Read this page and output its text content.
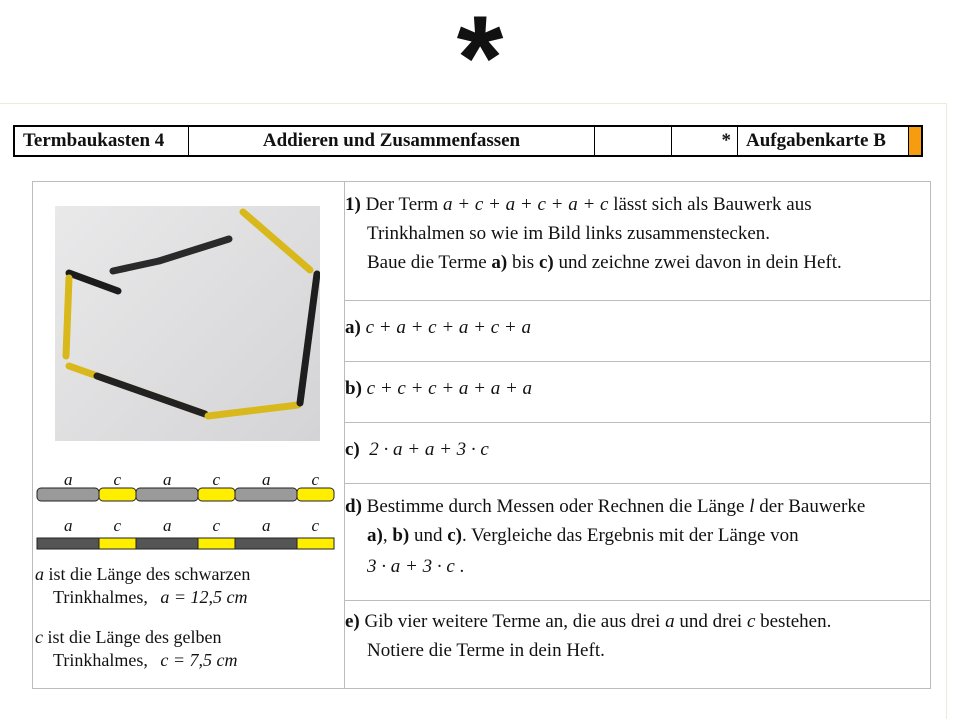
*
Termbaukasten 4	Addieren und Zusammenfassen	* Aufgabenkarte B
a c a c a c
a c a c a c
a ist die Länge des schwarzen
Trinkhalmes, a = 12,5 cm
c ist die Länge des gelben
Trinkhalmes, c = 7,5 cm
1) Der Term a + c + a + c + a + c lässt sich als Bauwerk aus
Trinkhalmen so wie im Bild links zusammenstecken.
Baue die Terme a) bis c) und zeichne zwei davon in dein Heft.
a) c + a + c + a + c + a
b) c + c + c + a + a + a
c) 2 · a + a + 3 · c
d) Bestimme durch Messen oder Rechnen die Länge l der Bauwerke
a), b) und c). Vergleiche das Ergebnis mit der Länge von
3 · a + 3 · c .
e) Gib vier weitere Terme an, die aus drei a und drei c bestehen.
Notiere die Terme in dein Heft.
